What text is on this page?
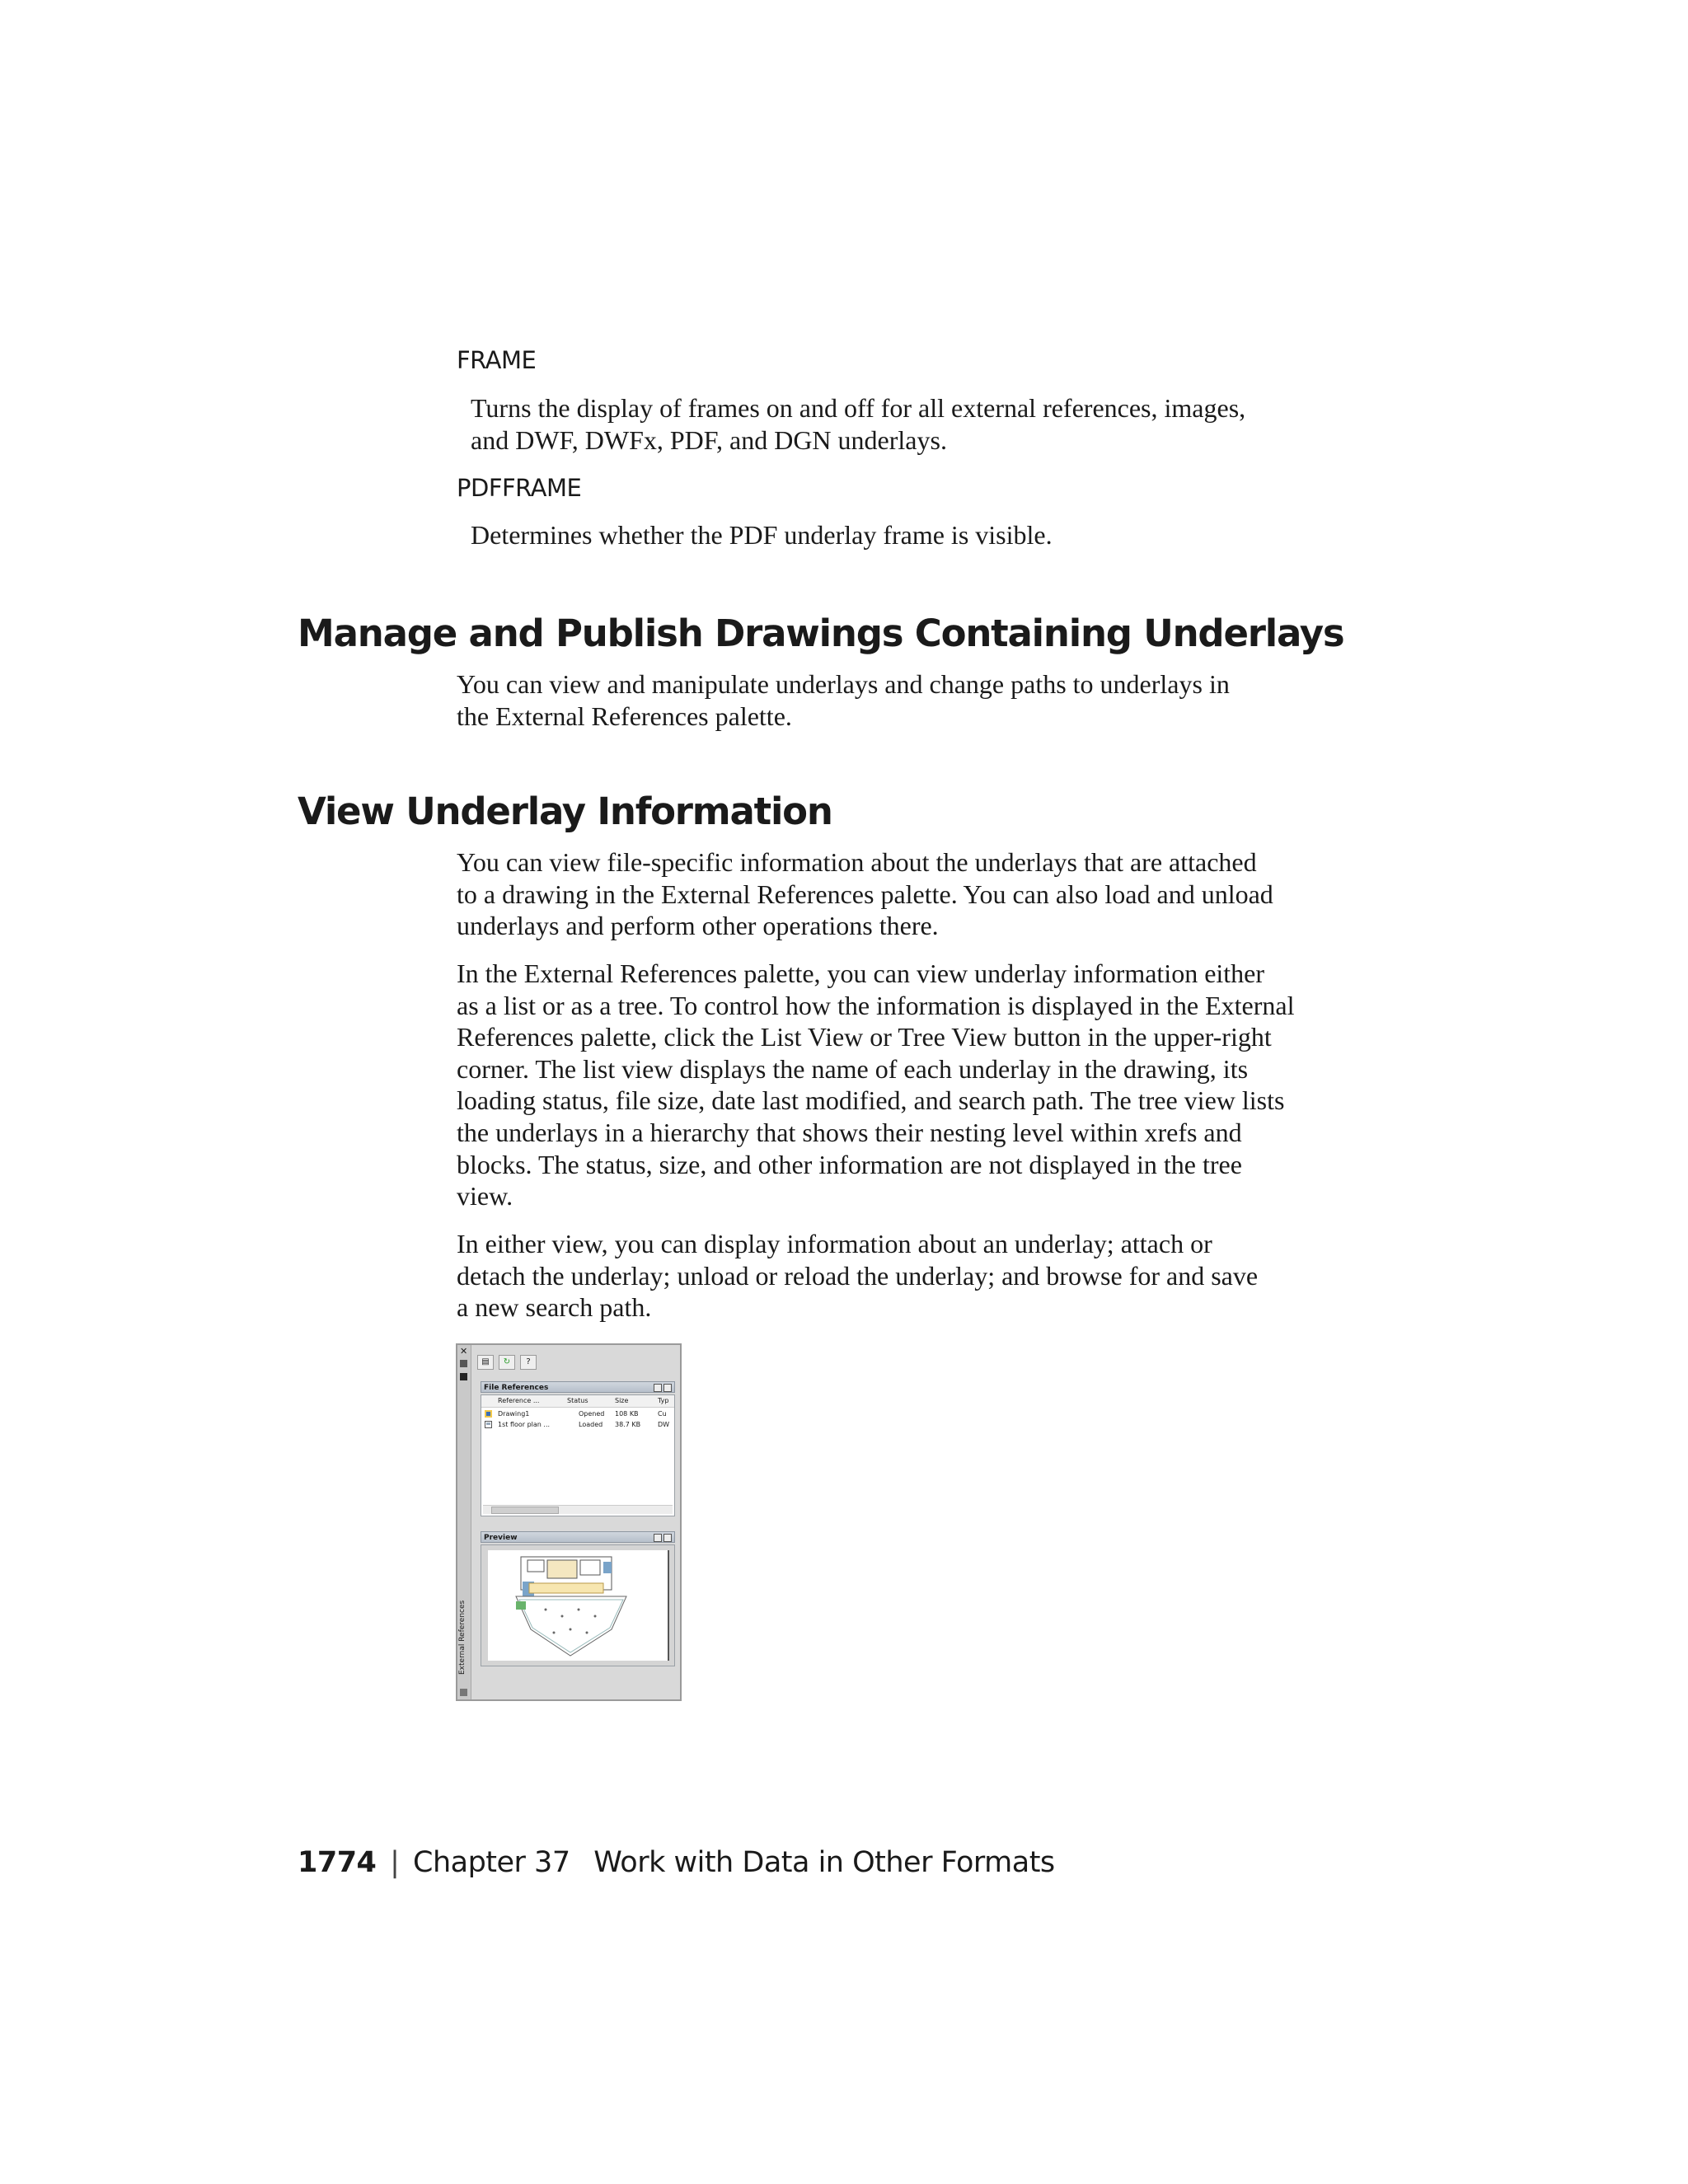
FRAME
Turns the display of frames on and off for all external references, images,
and DWF, DWFx, PDF, and DGN underlays.
PDFFRAME
Determines whether the PDF underlay frame is visible.
Manage and Publish Drawings Containing Underlays
You can view and manipulate underlays and change paths to underlays in
the External References palette.
View Underlay Information
You can view file-specific information about the underlays that are attached
to a drawing in the External References palette. You can also load and unload
underlays and perform other operations there.
In the External References palette, you can view underlay information either
as a list or as a tree. To control how the information is displayed in the External
References palette, click the List View or Tree View button in the upper-right
corner. The list view displays the name of each underlay in the drawing, its
loading status, file size, date last modified, and search path. The tree view lists
the underlays in a hierarchy that shows their nesting level within xrefs and
blocks. The status, size, and other information are not displayed in the tree
view.
In either view, you can display information about an underlay; attach or
detach the underlay; unload or reload the underlay; and browse for and save
a new search path.
✕
External References
▤	↻	?
File References
Reference ...	Status	Size	Typ
Drawing1	Opened 108 KB	Cu
1st floor plan ...	Loaded 38.7 KB	DW
Preview
1774 | Chapter 37 Work with Data in Other Formats
